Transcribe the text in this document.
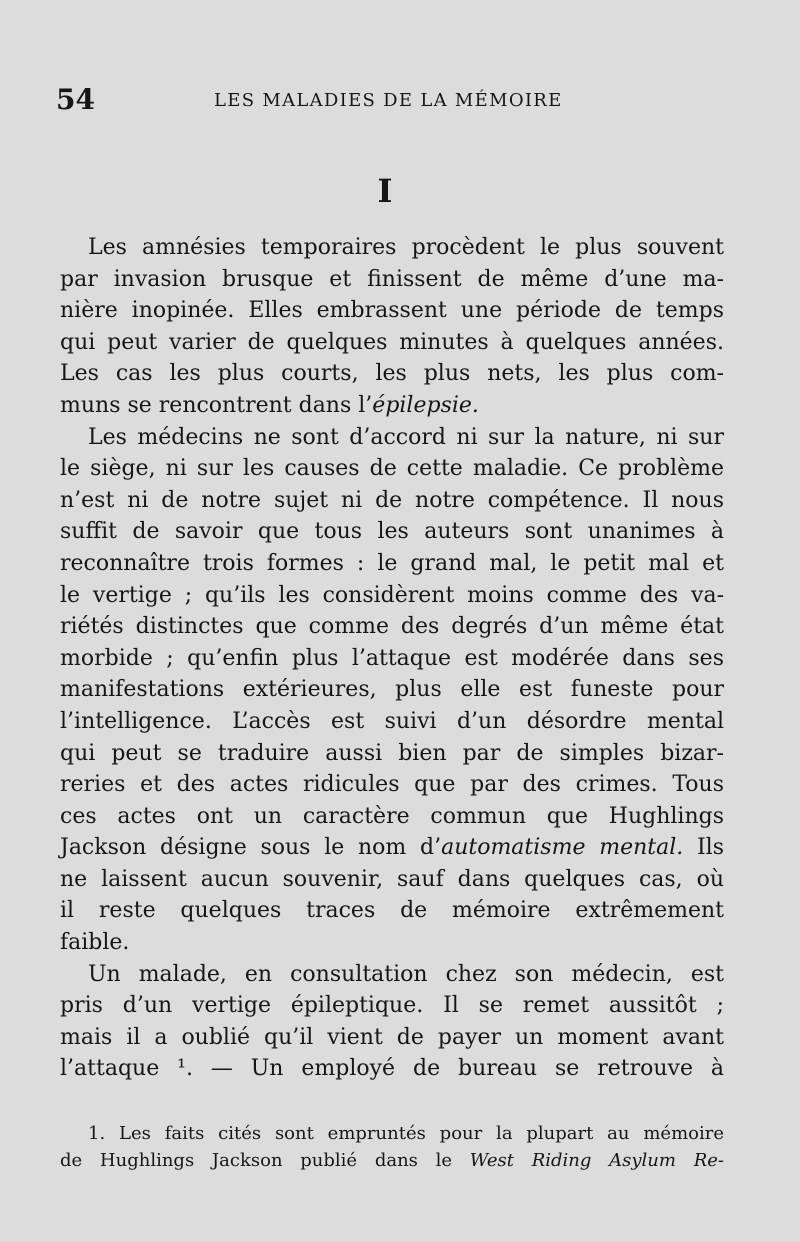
54	LES MALADIES DE LA MÉMOIRE
I
Les amnésies temporaires procèdent le plus souvent
par invasion brusque et finissent de même d’une ma-
nière inopinée. Elles embrassent une période de temps
qui peut varier de quelques minutes à quelques années.
Les cas les plus courts, les plus nets, les plus com-
muns se rencontrent dans l’épilepsie.
Les médecins ne sont d’accord ni sur la nature, ni sur
le siège, ni sur les causes de cette maladie. Ce problème
n’est ni de notre sujet ni de notre compétence. Il nous
suffit de savoir que tous les auteurs sont unanimes à
reconnaître trois formes : le grand mal, le petit mal et
le vertige ; qu’ils les considèrent moins comme des va-
riétés distinctes que comme des degrés d’un même état
morbide ; qu’enfin plus l’attaque est modérée dans ses
manifestations extérieures, plus elle est funeste pour
l’intelligence. L’accès est suivi d’un désordre mental
qui peut se traduire aussi bien par de simples bizar-
reries et des actes ridicules que par des crimes. Tous
ces actes ont un caractère commun que Hughlings
Jackson désigne sous le nom d’automatisme mental. Ils
ne laissent aucun souvenir, sauf dans quelques cas, où
il reste quelques traces de mémoire extrêmement
faible.
Un malade, en consultation chez son médecin, est
pris d’un vertige épileptique. Il se remet aussitôt ;
mais il a oublié qu’il vient de payer un moment avant
l’attaque ¹. — Un employé de bureau se retrouve à
1. Les faits cités sont empruntés pour la plupart au mémoire
de Hughlings Jackson publié dans le West Riding Asylum Re-
